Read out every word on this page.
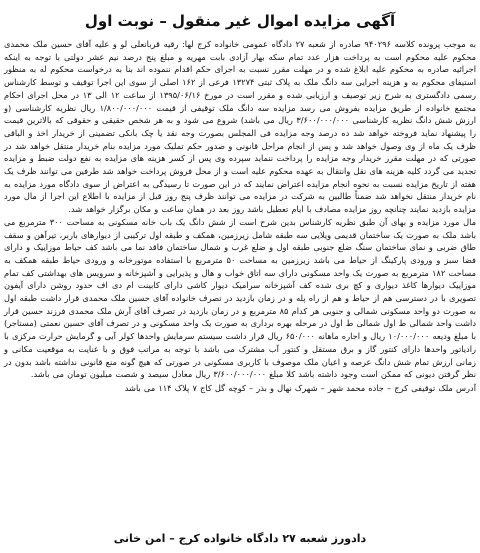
آگهی مزایده اموال غیر منقول – نوبت اول

به موجب پرونده کلاسه ۹۴۰۲۹۶ صادره از شعبه ۲۷ دادگاه عمومی خانواده کرج لها: رقیه قربانعلی لو و علیه آقای حسین ملک محمدی محکوم علیه محکوم است به پرداخت هزار عدد تمام سکه بهار آزادی بابت مهریه و مبلغ پنج درصد نیم عشر دولتی با توجه به اینکه اجرائیه صادره به محکوم علیه ابلاغ شده و در مهلت مقرر نسبت به اجرای حکم اقدام ننموده اند بنا به درخواست محکوم له به منظور استیفای محکوم به و هزینه اجرایی سه دانگ ملک به پلاک ثبتی ۱۳۲۷۴ فرعی از ۱۶۲ اصلی از سوی این اجرا توقیف و توسط کارشناس رسمی دادگستری به شرح زیر توصیف و ارزیابی شده و مقرر است در مورخ ۱۳۹۵/۰۶/۱۶ از ساعت ۱۲ الی ۱۳ در محل اجرای احکام مجتمع خانواده از طریق مزایده بفروش می رسد مزایده سه دانگ ملک توقیفی از قیمت ۱/۸۰۰/۰۰۰/۰۰۰ ریال نظریه کارشناسی (و ارزش شش دانگ نظریه کارشناسی ۳/۶۰۰/۰۰۰/۰۰۰ ریال می باشد) شروع می شود و به هر شخص حقیقی و حقوقی که بالاترین قیمت را پیشنهاد نماید فروخته خواهد شد ده درصد وجه مزایده فی المجلس بصورت وجه نقد یا چک بانکی تضمینی از خریدار اخذ و الباقی ظرف یک ماه از وی وصول خواهد شد و پس از انجام مراحل قانونی و صدور حکم تملیک مورد مزایده بنام خریدار منتقل خواهد شد در صورتی که در مهلت مقرر خریدار وجه مزایده را پرداخت ننماید سپرده وی پس از کسر هزینه های مزایده به نفع دولت ضبط و مزایده تجدید می گردد کلیه هزینه های نقل وانتقال به عهده محکوم علیه است و از محل فروش پرداخت خواهد شد طرفین می توانند ظرف یک هفته از تاریخ مزایده نسبت به نحوه انجام مزایده اعتراض نمایند که در این صورت تا رسیدگی به اعتراض از سوی دادگاه مورد مزایده به نام خریدار منتقل نخواهد شد ضمناً طالبین به شرکت در مزایده می توانند ظرف پنج روز قبل از مزایده با اطلاع این اجرا از مال مورد مزایده بازدید نمایند چنانچه روز مزایده مصادف با ایام تعطیل باشد روز بعد در همان ساعت و مکان برگزار خواهد شد.

مال مورد مزایده و بهای آن طبق نظریه کارشناس بدین شرح است از شش دانگ یک باب خانه مسکونی به مساحت ۳۰۰ مترمربع می باشد ملک به صورت یک ساختمان قدیمی ویلایی سه طبقه شامل زیرزمین، همکف و طبقه اول ترکیبی از دیوارهای باربر، تیرآهن و سقف طاق ضربی و نمای ساختمان سنگ ضلع جنوبی طبقه اول و ضلع غرب و شمال ساختمان فاقد نما می باشد کف حیاط موزاییک و دارای فضا سبز و ورودی پارکینگ از حیاط می باشد زیرزمین به مساحت ۵۰ مترمربع با استفاده موتورخانه و ورودی حیاط طبقه همکف به مساحت ۱۸۲ مترمربع به صورت یک واحد مسکونی دارای سه اتاق خواب و هال و پذیرایی و آشپزخانه و سرویس های بهداشتی کف تمام موزاییک دیوارها کاغذ دیواری و کچ بری شده کف آشپزخانه سرامیک دیوار کاشی دارای کابینت ام دی اف حدود روشن دارای آیفون تصویری با در دسترسی هم از حیاط و هم از راه پله و در زمان بازدید در تصرف خانواده آقای حسین ملک محمدی قرار داشت طبقه اول به صورت دو واحد مسکونی شمالی و جنوبی هر کدام ۸۵ مترمربع و در زمان بازدید در تصرف آقای آرش ملک محمدی فرزند حسین قرار داشت واحد شمالی ط اول شمالی ط اول در مرحله بهره برداری به صورت یک واحد مسکونی و در تصرف آقای حسین نعمتی (مستاجر) با مبلغ ودیعه ۱۰/۰۰۰/۰۰۰ ریال و اجاره ماهانه ۶۵۰/۰۰۰ ریال قرار داشت سیستم سرمایش واحدها کولر آبی و گرمایش حرارت مرکزی با رادیاتور واحدها دارای کنتور گاز و برق مستقل و کنتور آب مشترک می باشد با توجه به مراتب فوق و با عنایت به موقعیت مکانی و زمانی ارزش تمام شش دانگ عرصه و اعیان ملک موصوف با کاربری مسکونی در صورتی که هیچ گونه منع قانونی نداشته باشد بدون در نظر گرفتن دیونی که ممکن است وجود داشته باشد کلا مبلغ ۳/۶۰۰/۰۰۰/۰۰۰ ریال معادل سیصد و شصت میلیون تومان می باشد.

آدرس ملک توقیفی کرج – جاده محمد شهر – شهرک نهال و بذر – کوچه گل کاج ۷ پلاک ۱۱۴ می باشد
دادورز شعبه ۲۷ دادگاه خانواده کرج – امن خانی
